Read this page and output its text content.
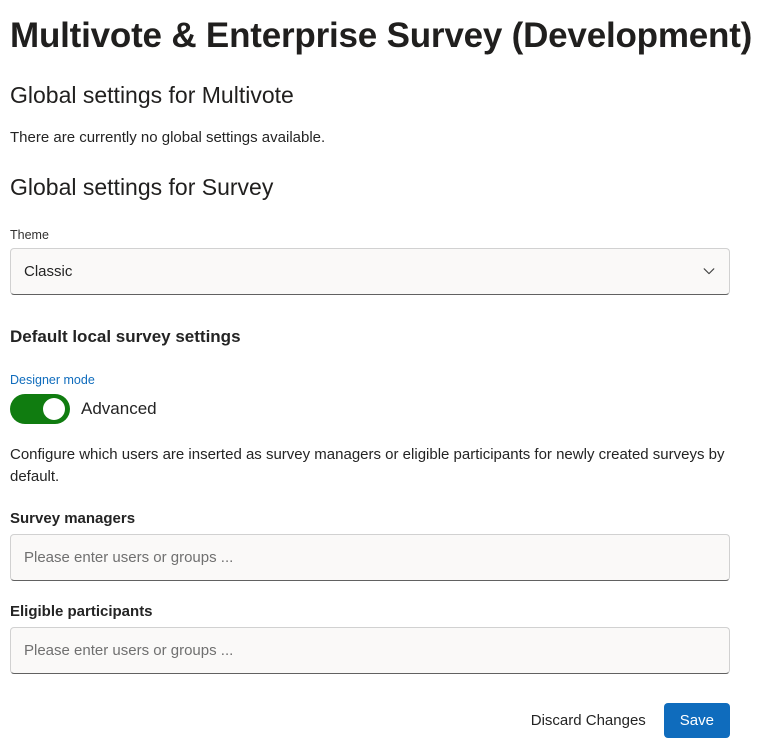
Multivote & Enterprise Survey (Development)
Global settings for Multivote

There are currently no global settings available.

Global settings for Survey
Theme
Classic
Default local survey settings
Designer mode
Advanced

Configure which users are inserted as survey managers or eligible participants for newly created surveys by default.

Survey managers
Please enter users or groups ...
Eligible participants
Please enter users or groups ...
Discard Changes	Save
